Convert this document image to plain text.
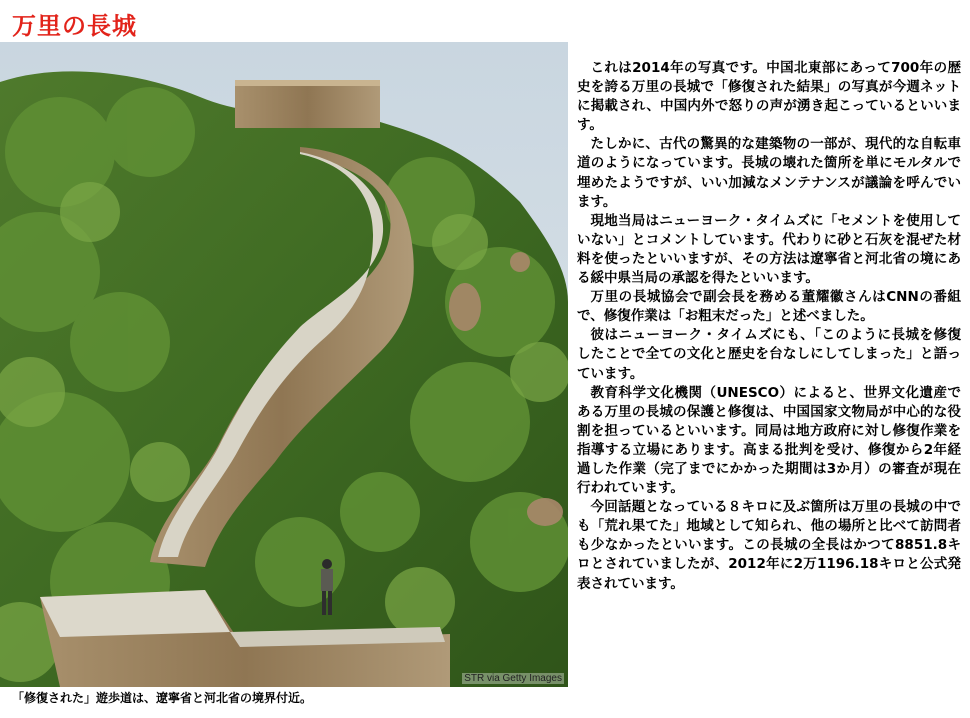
万里の長城
STR via Getty Images

「修復された」遊歩道は、遼寧省と河北省の境界付近。

これは2014年の写真です。中国北東部にあって700年の歴史を誇る万里の長城で「修復された結果」の写真が今週ネットに掲載され、中国内外で怒りの声が湧き起こっているといいます。

たしかに、古代の驚異的な建築物の一部が、現代的な自転車道のようになっています。長城の壊れた箇所を単にモルタルで埋めたようですが、いい加減なメンテナンスが議論を呼んでいます。

現地当局はニューヨーク・タイムズに「セメントを使用していない」とコメントしています。代わりに砂と石灰を混ぜた材料を使ったといいますが、その方法は遼寧省と河北省の境にある綏中県当局の承認を得たといいます。

万里の長城協会で副会長を務める董耀徽さんはCNNの番組で、修復作業は「お粗末だった」と述べました。

彼はニューヨーク・タイムズにも、「このように長城を修復したことで全ての文化と歴史を台なしにしてしまった」と語っています。

教育科学文化機関（UNESCO）によると、世界文化遺産である万里の長城の保護と修復は、中国国家文物局が中心的な役割を担っているといいます。同局は地方政府に対し修復作業を指導する立場にあります。高まる批判を受け、修復から2年経過した作業（完了までにかかった期間は3か月）の審査が現在行われています。

今回話題となっている８キロに及ぶ箇所は万里の長城の中でも「荒れ果てた」地域として知られ、他の場所と比べて訪問者も少なかったといいます。この長城の全長はかつて8851.8キロとされていましたが、2012年に2万1196.18キロと公式発表されています。
